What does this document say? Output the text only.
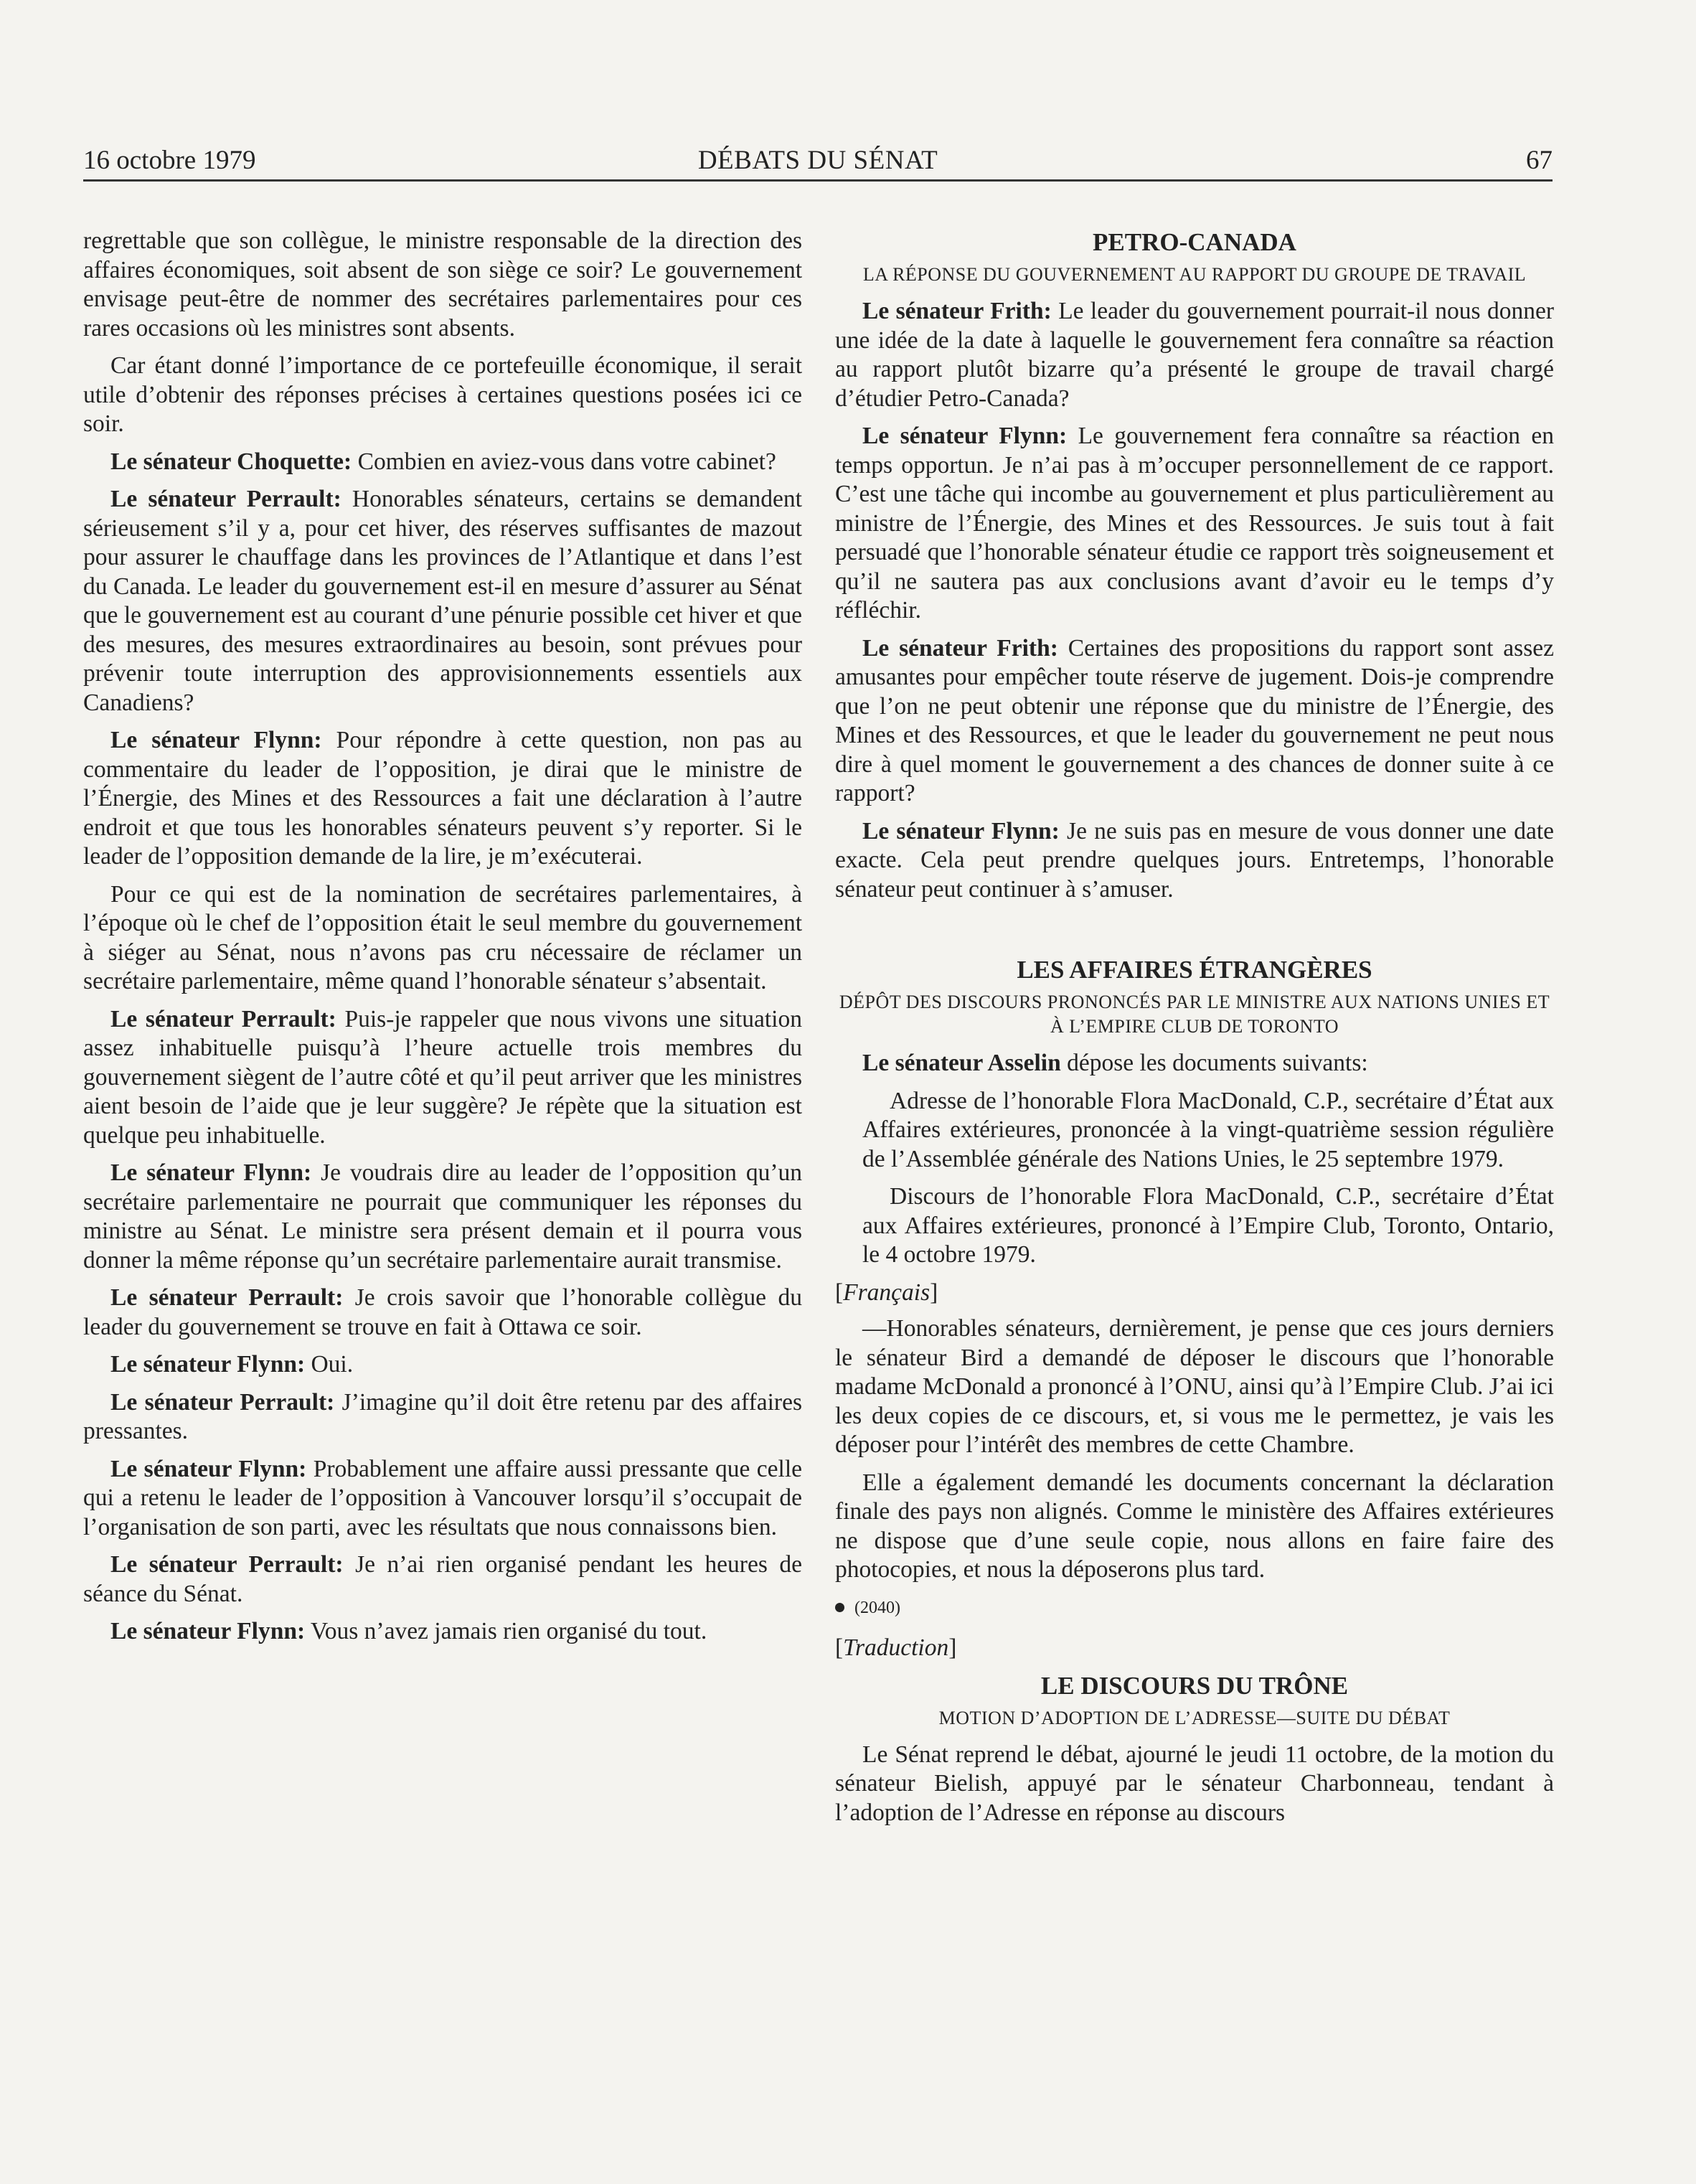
16 octobre 1979	DÉBATS DU SÉNAT	67

regrettable que son collègue, le ministre responsable de la direction des affaires économiques, soit absent de son siège ce soir? Le gouvernement envisage peut-être de nommer des secrétaires parlementaires pour ces rares occasions où les ministres sont absents.

Car étant donné l’importance de ce portefeuille économique, il serait utile d’obtenir des réponses précises à certaines questions posées ici ce soir.

Le sénateur Choquette: Combien en aviez-vous dans votre cabinet?

Le sénateur Perrault: Honorables sénateurs, certains se demandent sérieusement s’il y a, pour cet hiver, des réserves suffisantes de mazout pour assurer le chauffage dans les provinces de l’Atlantique et dans l’est du Canada. Le leader du gouvernement est-il en mesure d’assurer au Sénat que le gouvernement est au courant d’une pénurie possible cet hiver et que des mesures, des mesures extraordinaires au besoin, sont prévues pour prévenir toute interruption des approvisionnements essentiels aux Canadiens?

Le sénateur Flynn: Pour répondre à cette question, non pas au commentaire du leader de l’opposition, je dirai que le ministre de l’Énergie, des Mines et des Ressources a fait une déclaration à l’autre endroit et que tous les honorables sénateurs peuvent s’y reporter. Si le leader de l’opposition demande de la lire, je m’exécuterai.

Pour ce qui est de la nomination de secrétaires parlementaires, à l’époque où le chef de l’opposition était le seul membre du gouvernement à siéger au Sénat, nous n’avons pas cru nécessaire de réclamer un secrétaire parlementaire, même quand l’honorable sénateur s’absentait.

Le sénateur Perrault: Puis-je rappeler que nous vivons une situation assez inhabituelle puisqu’à l’heure actuelle trois membres du gouvernement siègent de l’autre côté et qu’il peut arriver que les ministres aient besoin de l’aide que je leur suggère? Je répète que la situation est quelque peu inhabituelle.

Le sénateur Flynn: Je voudrais dire au leader de l’opposition qu’un secrétaire parlementaire ne pourrait que communiquer les réponses du ministre au Sénat. Le ministre sera présent demain et il pourra vous donner la même réponse qu’un secrétaire parlementaire aurait transmise.

Le sénateur Perrault: Je crois savoir que l’honorable collègue du leader du gouvernement se trouve en fait à Ottawa ce soir.

Le sénateur Flynn: Oui.

Le sénateur Perrault: J’imagine qu’il doit être retenu par des affaires pressantes.

Le sénateur Flynn: Probablement une affaire aussi pressante que celle qui a retenu le leader de l’opposition à Vancouver lorsqu’il s’occupait de l’organisation de son parti, avec les résultats que nous connaissons bien.

Le sénateur Perrault: Je n’ai rien organisé pendant les heures de séance du Sénat.

Le sénateur Flynn: Vous n’avez jamais rien organisé du tout.

PETRO-CANADA
LA RÉPONSE DU GOUVERNEMENT AU RAPPORT DU GROUPE DE TRAVAIL

Le sénateur Frith: Le leader du gouvernement pourrait-il nous donner une idée de la date à laquelle le gouvernement fera connaître sa réaction au rapport plutôt bizarre qu’a présenté le groupe de travail chargé d’étudier Petro-Canada?

Le sénateur Flynn: Le gouvernement fera connaître sa réaction en temps opportun. Je n’ai pas à m’occuper personnellement de ce rapport. C’est une tâche qui incombe au gouvernement et plus particulièrement au ministre de l’Énergie, des Mines et des Ressources. Je suis tout à fait persuadé que l’honorable sénateur étudie ce rapport très soigneusement et qu’il ne sautera pas aux conclusions avant d’avoir eu le temps d’y réfléchir.

Le sénateur Frith: Certaines des propositions du rapport sont assez amusantes pour empêcher toute réserve de jugement. Dois-je comprendre que l’on ne peut obtenir une réponse que du ministre de l’Énergie, des Mines et des Ressources, et que le leader du gouvernement ne peut nous dire à quel moment le gouvernement a des chances de donner suite à ce rapport?

Le sénateur Flynn: Je ne suis pas en mesure de vous donner une date exacte. Cela peut prendre quelques jours. Entretemps, l’honorable sénateur peut continuer à s’amuser.

LES AFFAIRES ÉTRANGÈRES
DÉPÔT DES DISCOURS PRONONCÉS PAR LE MINISTRE AUX NATIONS UNIES ET À L’EMPIRE CLUB DE TORONTO

Le sénateur Asselin dépose les documents suivants:

Adresse de l’honorable Flora MacDonald, C.P., secrétaire d’État aux Affaires extérieures, prononcée à la vingt-quatrième session régulière de l’Assemblée générale des Nations Unies, le 25 septembre 1979.

Discours de l’honorable Flora MacDonald, C.P., secrétaire d’État aux Affaires extérieures, prononcé à l’Empire Club, Toronto, Ontario, le 4 octobre 1979.

[Français]

—Honorables sénateurs, dernièrement, je pense que ces jours derniers le sénateur Bird a demandé de déposer le discours que l’honorable madame McDonald a prononcé à l’ONU, ainsi qu’à l’Empire Club. J’ai ici les deux copies de ce discours, et, si vous me le permettez, je vais les déposer pour l’intérêt des membres de cette Chambre.

Elle a également demandé les documents concernant la déclaration finale des pays non alignés. Comme le ministère des Affaires extérieures ne dispose que d’une seule copie, nous allons en faire faire des photocopies, et nous la déposerons plus tard.

(2040)
[Traduction]
LE DISCOURS DU TRÔNE
MOTION D’ADOPTION DE L’ADRESSE—SUITE DU DÉBAT

Le Sénat reprend le débat, ajourné le jeudi 11 octobre, de la motion du sénateur Bielish, appuyé par le sénateur Charbonneau, tendant à l’adoption de l’Adresse en réponse au discours
